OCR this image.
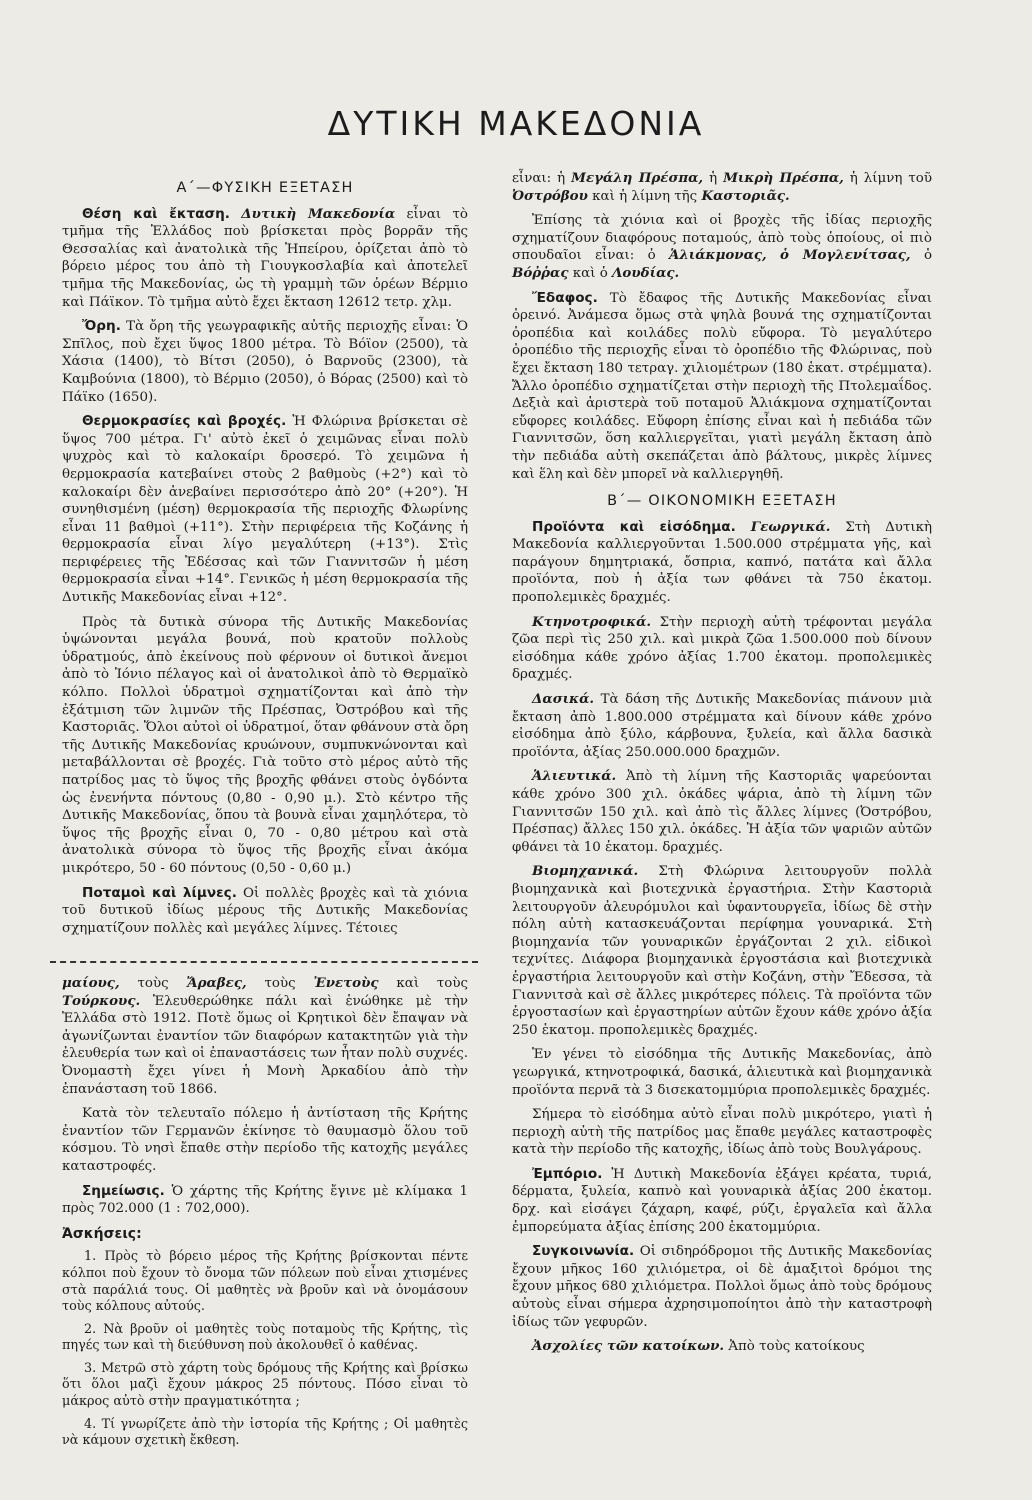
ΔΥΤΙΚΗ ΜΑΚΕΔΟΝΙΑ
Α΄—ΦΥΣΙΚΗ ΕΞΕΤΑΣΗ

Θέση καὶ ἔκταση. Δυτικὴ Μακεδονία εἶναι τὸ τμῆμα τῆς Ἑλλάδος ποὺ βρίσκεται πρὸς βορρᾶν τῆς Θεσσαλίας καὶ ἀνατολικὰ τῆς Ἠπείρου, ὁρίζεται ἀπὸ τὸ βόρειο μέρος του ἀπὸ τὴ Γιουγκοσλαβία καὶ ἀποτελεῖ τμῆμα τῆς Μακεδονίας, ὡς τὴ γραμμὴ τῶν ὀρέων Βέρμιο καὶ Πάϊκον. Τὸ τμῆμα αὐτὸ ἔχει ἔκταση 12612 τετρ. χλμ.

Ὄρη. Τὰ ὄρη τῆς γεωγραφικῆς αὐτῆς περιοχῆς εἶναι: Ὁ Σπῖλος, ποὺ ἔχει ὕψος 1800 μέτρα. Τὸ Βόϊον (2500), τὰ Χάσια (1400), τὸ Βίτσι (2050), ὁ Βαρνοῦς (2300), τὰ Καμβούνια (1800), τὸ Βέρμιο (2050), ὁ Βόρας (2500) καὶ τὸ Πάϊκο (1650).

Θερμοκρασίες καὶ βροχές. Ἡ Φλώρινα βρίσκεται σὲ ὕψος 700 μέτρα. Γι' αὐτὸ ἐκεῖ ὁ χειμῶνας εἶναι πολὺ ψυχρὸς καὶ τὸ καλοκαίρι δροσερό. Τὸ χειμῶνα ἡ θερμοκρασία κατεβαίνει στοὺς 2 βαθμοὺς (+2°) καὶ τὸ καλοκαίρι δὲν ἀνεβαίνει περισσότερο ἀπὸ 20° (+20°). Ἡ συνηθισμένη (μέση) θερμοκρασία τῆς περιοχῆς Φλωρίνης εἶναι 11 βαθμοὶ (+11°). Στὴν περιφέρεια τῆς Κοζάνης ἡ θερμοκρασία εἶναι λίγο μεγαλύτερη (+13°). Στὶς περιφέρειες τῆς Ἐδέσσας καὶ τῶν Γιαννιτσῶν ἡ μέση θερμοκρασία εἶναι +14°. Γενικῶς ἡ μέση θερμοκρασία τῆς Δυτικῆς Μακεδονίας εἶναι +12°.

Πρὸς τὰ δυτικὰ σύνορα τῆς Δυτικῆς Μακεδονίας ὑψώνονται μεγάλα βουνά, ποὺ κρατοῦν πολλοὺς ὑδρατμούς, ἀπὸ ἐκείνους ποὺ φέρνουν οἱ δυτικοὶ ἄνεμοι ἀπὸ τὸ Ἰόνιο πέλαγος καὶ οἱ ἀνατολικοὶ ἀπὸ τὸ Θερμαϊκὸ κόλπο. Πολλοὶ ὑδρατμοὶ σχηματίζονται καὶ ἀπὸ τὴν ἐξάτμιση τῶν λιμνῶν τῆς Πρέσπας, Ὀστρόβου καὶ τῆς Καστοριᾶς. Ὅλοι αὐτοὶ οἱ ὑδρατμοί, ὅταν φθάνουν στὰ ὄρη τῆς Δυτικῆς Μακεδονίας κρυώνουν, συμπυκνώνονται καὶ μεταβάλλονται σὲ βροχές. Γιὰ τοῦτο στὸ μέρος αὐτὸ τῆς πατρίδος μας τὸ ὕψος τῆς βροχῆς φθάνει στοὺς ὀγδόντα ὡς ἐνενήντα πόντους (0,80 - 0,90 μ.). Στὸ κέντρο τῆς Δυτικῆς Μακεδονίας, ὅπου τὰ βουνὰ εἶναι χαμηλότερα, τὸ ὕψος τῆς βροχῆς εἶναι 0, 70 - 0,80 μέτρου καὶ στὰ ἀνατολικὰ σύνορα τὸ ὕψος τῆς βροχῆς εἶναι ἀκόμα μικρότερο, 50 - 60 πόντους (0,50 - 0,60 μ.)

Ποταμοὶ καὶ λίμνες. Οἱ πολλὲς βροχὲς καὶ τὰ χιόνια τοῦ δυτικοῦ ἰδίως μέρους τῆς Δυτικῆς Μακεδονίας σχηματίζουν πολλὲς καὶ μεγάλες λίμνες. Τέτοιες

μαίους, τοὺς Ἄραβες, τοὺς Ἐνετοὺς καὶ τοὺς Τούρκους. Ἐλευθερώθηκε πάλι καὶ ἑνώθηκε μὲ τὴν Ἑλλάδα στὸ 1912. Ποτὲ ὅμως οἱ Κρητικοὶ δὲν ἔπαψαν νὰ ἀγωνίζωνται ἐναντίον τῶν διαφόρων κατακτητῶν γιὰ τὴν ἐλευθερία των καὶ οἱ ἐπαναστάσεις των ἦταν πολὺ συχνές. Ὀνομαστὴ ἔχει γίνει ἡ Μονὴ Ἀρκαδίου ἀπὸ τὴν ἐπανάσταση τοῦ 1866.

Κατὰ τὸν τελευταῖο πόλεμο ἡ ἀντίσταση τῆς Κρήτης ἐναντίον τῶν Γερμανῶν ἐκίνησε τὸ θαυμασμὸ ὅλου τοῦ κόσμου. Τὸ νησὶ ἔπαθε στὴν περίοδο τῆς κατοχῆς μεγάλες καταστροφές.

Σημείωσις. Ὁ χάρτης τῆς Κρήτης ἔγινε μὲ κλίμακα 1 πρὸς 702.000 (1 : 702,000).

Ἀσκήσεις:

1. Πρὸς τὸ βόρειο μέρος τῆς Κρήτης βρίσκονται πέντε κόλποι ποὺ ἔχουν τὸ ὄνομα τῶν πόλεων ποὺ εἶναι χτισμένες στὰ παράλιά τους. Οἱ μαθητὲς νὰ βροῦν καὶ νὰ ὀνομάσουν τοὺς κόλπους αὐτούς.

2. Νὰ βροῦν οἱ μαθητὲς τοὺς ποταμοὺς τῆς Κρήτης, τὶς πηγές των καὶ τὴ διεύθυνση ποὺ ἀκολουθεῖ ὁ καθένας.

3. Μετρῶ στὸ χάρτη τοὺς δρόμους τῆς Κρήτης καὶ βρίσκω ὅτι ὅλοι μαζὶ ἔχουν μάκρος 25 πόντους. Πόσο εἶναι τὸ μάκρος αὐτὸ στὴν πραγματικότητα ;

4. Τί γνωρίζετε ἀπὸ τὴν ἱστορία τῆς Κρήτης ; Οἱ μαθητὲς νὰ κάμουν σχετικὴ ἔκθεση.

εἶναι: ἡ Μεγάλη Πρέσπα, ἡ Μικρὴ Πρέσπα, ἡ λίμνη τοῦ Ὀστρόβου καὶ ἡ λίμνη τῆς Καστοριᾶς.

Ἐπίσης τὰ χιόνια καὶ οἱ βροχὲς τῆς ἰδίας περιοχῆς σχηματίζουν διαφόρους ποταμούς, ἀπὸ τοὺς ὁποίους, οἱ πιὸ σπουδαῖοι εἶναι: ὁ Ἁλιάκμονας, ὁ Μογλενίτσας, ὁ Βόῤῥας καὶ ὁ Λουδίας.

Ἔδαφος. Τὸ ἔδαφος τῆς Δυτικῆς Μακεδονίας εἶναι ὀρεινό. Ἀνάμεσα ὅμως στὰ ψηλὰ βουνά της σχηματίζονται ὀροπέδια καὶ κοιλάδες πολὺ εὔφορα. Τὸ μεγαλύτερο ὀροπέδιο τῆς περιοχῆς εἶναι τὸ ὀροπέδιο τῆς Φλώρινας, ποὺ ἔχει ἔκταση 180 τετραγ. χιλιομέτρων (180 ἑκατ. στρέμματα). Ἄλλο ὀροπέδιο σχηματίζεται στὴν περιοχὴ τῆς Πτολεμαΐδος. Δεξιὰ καὶ ἀριστερὰ τοῦ ποταμοῦ Ἀλιάκμονα σχηματίζονται εὔφορες κοιλάδες. Εὔφορη ἐπίσης εἶναι καὶ ἡ πεδιάδα τῶν Γιαννιτσῶν, ὅση καλλιεργεῖται, γιατὶ μεγάλη ἔκταση ἀπὸ τὴν πεδιάδα αὐτὴ σκεπάζεται ἀπὸ βάλτους, μικρὲς λίμνες καὶ ἕλη καὶ δὲν μπορεῖ νὰ καλλιεργηθῆ.

Β΄— ΟΙΚΟΝΟΜΙΚΗ ΕΞΕΤΑΣΗ

Προϊόντα καὶ εἰσόδημα. Γεωργικά. Στὴ Δυτικὴ Μακεδονία καλλιεργοῦνται 1.500.000 στρέμματα γῆς, καὶ παράγουν δημητριακά, ὄσπρια, καπνό, πατάτα καὶ ἄλλα προϊόντα, ποὺ ἡ ἀξία των φθάνει τὰ 750 ἑκατομ. προπολεμικὲς δραχμές.

Κτηνοτροφικά. Στὴν περιοχὴ αὐτὴ τρέφονται μεγάλα ζῶα περὶ τὶς 250 χιλ. καὶ μικρὰ ζῶα 1.500.000 ποὺ δίνουν εἰσόδημα κάθε χρόνο ἀξίας 1.700 ἑκατομ. προπολεμικὲς δραχμές.

Δασικά. Τὰ δάση τῆς Δυτικῆς Μακεδονίας πιάνουν μιὰ ἔκταση ἀπὸ 1.800.000 στρέμματα καὶ δίνουν κάθε χρόνο εἰσόδημα ἀπὸ ξύλο, κάρβουνα, ξυλεία, καὶ ἄλλα δασικὰ προϊόντα, ἀξίας 250.000.000 δραχμῶν.

Ἁλιευτικά. Ἀπὸ τὴ λίμνη τῆς Καστοριᾶς ψαρεύονται κάθε χρόνο 300 χιλ. ὀκάδες ψάρια, ἀπὸ τὴ λίμνη τῶν Γιαννιτσῶν 150 χιλ. καὶ ἀπὸ τὶς ἄλλες λίμνες (Ὀστρόβου, Πρέσπας) ἄλλες 150 χιλ. ὀκάδες. Ἡ ἀξία τῶν ψαριῶν αὐτῶν φθάνει τὰ 10 ἑκατομ. δραχμές.

Βιομηχανικά. Στὴ Φλώρινα λειτουργοῦν πολλὰ βιομηχανικὰ καὶ βιοτεχνικὰ ἐργαστήρια. Στὴν Καστοριὰ λειτουργοῦν ἀλευρόμυλοι καὶ ὑφαντουργεῖα, ἰδίως δὲ στὴν πόλη αὐτὴ κατασκευάζονται περίφημα γουναρικά. Στὴ βιομηχανία τῶν γουναρικῶν ἐργάζονται 2 χιλ. εἰδικοὶ τεχνίτες. Διάφορα βιομηχανικὰ ἐργοστάσια καὶ βιοτεχνικὰ ἐργαστήρια λειτουργοῦν καὶ στὴν Κοζάνη, στὴν Ἔδεσσα, τὰ Γιαννιτσὰ καὶ σὲ ἄλλες μικρότερες πόλεις. Τὰ προϊόντα τῶν ἐργοστασίων καὶ ἐργαστηρίων αὐτῶν ἔχουν κάθε χρόνο ἀξία 250 ἑκατομ. προπολεμικὲς δραχμές.

Ἐν γένει τὸ εἰσόδημα τῆς Δυτικῆς Μακεδονίας, ἀπὸ γεωργικά, κτηνοτροφικά, δασικά, ἁλιευτικὰ καὶ βιομηχανικὰ προϊόντα περνᾶ τὰ 3 δισεκατομμύρια προπολεμικὲς δραχμές.

Σήμερα τὸ εἰσόδημα αὐτὸ εἶναι πολὺ μικρότερο, γιατὶ ἡ περιοχὴ αὐτὴ τῆς πατρίδος μας ἔπαθε μεγάλες καταστροφὲς κατὰ τὴν περίοδο τῆς κατοχῆς, ἰδίως ἀπὸ τοὺς Βουλγάρους.

Ἐμπόριο. Ἡ Δυτικὴ Μακεδονία ἐξάγει κρέατα, τυριά, δέρματα, ξυλεία, καπνὸ καὶ γουναρικὰ ἀξίας 200 ἑκατομ. δρχ. καὶ εἰσάγει ζάχαρη, καφέ, ρύζι, ἐργαλεῖα καὶ ἄλλα ἐμπορεύματα ἀξίας ἐπίσης 200 ἑκατομμύρια.

Συγκοινωνία. Οἱ σιδηρόδρομοι τῆς Δυτικῆς Μακεδονίας ἔχουν μῆκος 160 χιλιόμετρα, οἱ δὲ ἁμαξιτοὶ δρόμοι της ἔχουν μῆκος 680 χιλιόμετρα. Πολλοὶ ὅμως ἀπὸ τοὺς δρόμους αὐτοὺς εἶναι σήμερα ἀχρησιμοποίητοι ἀπὸ τὴν καταστροφὴ ἰδίως τῶν γεφυρῶν.

Ἀσχολίες τῶν κατοίκων. Ἀπὸ τοὺς κατοίκους
